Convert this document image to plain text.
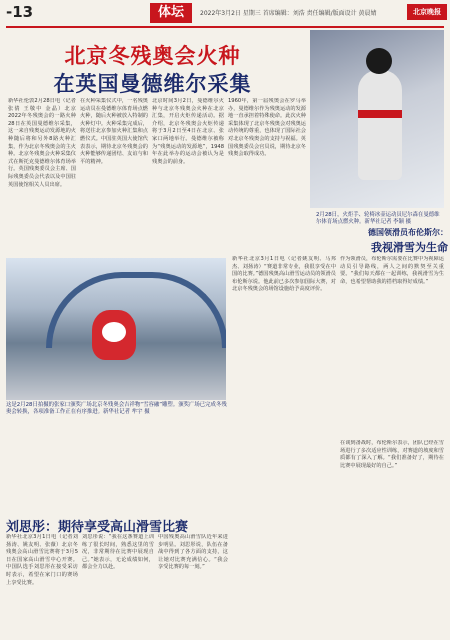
-13	体坛	2022年3月2日 星期三 首席编辑：刘浩 责任编辑/版面设计 黄晨婧	北京晚报
北京冬残奥会火种
在英国曼德维尔采集
新华社伦敦2月28日电（记者张倩 王敬中 金晶）北京2022年冬残奥会的一路火种28日在英国曼德维尔采集，这一来自残奥运动发源地的火种随后将和另外8路火种汇集，作为北京冬残奥会的主火种。北京冬残奥会火种采集仪式在斯托克曼德维尔体育场举行。英国残奥委员会主席、国际残奥委员会代表以及中国驻英国使馆相关人员出席。
在火种采集仪式中，一名残奥运动员在曼德维尔体育场点燃火种，随后火种被放入特制的火种灯中。火种采集完成后，将送往北京参加火种汇集和点燃仪式。中国驻英国大使馆代表表示，期待北京冬残奥会的火种能够传递团结、友谊与和平的精神。
北京时间3月2日，曼德维尔火种与北京冬残奥会火种在北京汇集，开启火炬传递活动。据介绍，北京冬残奥会火炬传递将于3月2日至4日在北京、张家口两地举行。曼德维尔被称为“残奥运动的发源地”，1948年在此举办的运动会被认为是残奥会的前身。
1960年，第一届残奥会在罗马举办，曼德维尔作为残奥运动的发源地一直承担着特殊使命。此次火种采集体现了北京冬残奥会对残奥运动传统的尊重，也体现了国际社会对北京冬残奥会的支持与祝福。英国残奥委员会官员说，期待北京冬残奥会取得成功。
2月28日，火炬手、轮椅冰壶运动员尼尔森在曼德维尔体育场点燃火种。新华社记者 李颖 摄
德国领滑员布伦斯尔：
我视滑雪为生命
新华社北京3月1日电（记者姚友明、马邦杰、刘扬涛）“赛道非常专业，我很享受在中国的比赛。”德国残奥高山滑雪运动员的领滑员布伦斯尔说。他此前已多次参加国际大赛，对北京冬残奥会的场馆设施给予高度评价。
作为领滑员，布伦斯尔需要在比赛中为视障运动员引导路线，两人之间的默契至关重要。“我们每天都在一起训练，我视滑雪为生命，也希望帮助我的搭档取得好成绩。”
在谈到备战时，布伦斯尔表示，团队已经在雪场进行了多次适应性训练，对赛道的坡度和雪质都有了深入了解。“我们准备好了，期待在比赛中展现最好的自己。”
这是2月28日拍摄的张家口颁奖广场北京冬残奥会吉祥物“雪容融”雕塑。颁奖广场已完成冬残奥会转换，各项准备工作正在有序推进。新华社记者 牟宇 摄
刘思彤：期待享受高山滑雪比赛
新华社北京3月1日电（记者刘扬涛、姚友明、张薇）北京冬残奥会高山滑雪比赛将于3月5日在国家高山滑雪中心开赛。中国队选手刘思彤在接受采访时表示，希望在家门口的赛场上享受比赛。
刘思彤说：“我在这条赛道上训练了很长时间，熟悉这里的雪况，非常期待在比赛中展现自己。”她表示，无论成绩如何，都会全力以赴。
中国残奥高山滑雪队近年来进步明显。刘思彤说，队伍在备战中得到了各方面的支持，这让她对比赛充满信心。“我会享受比赛的每一刻。”
